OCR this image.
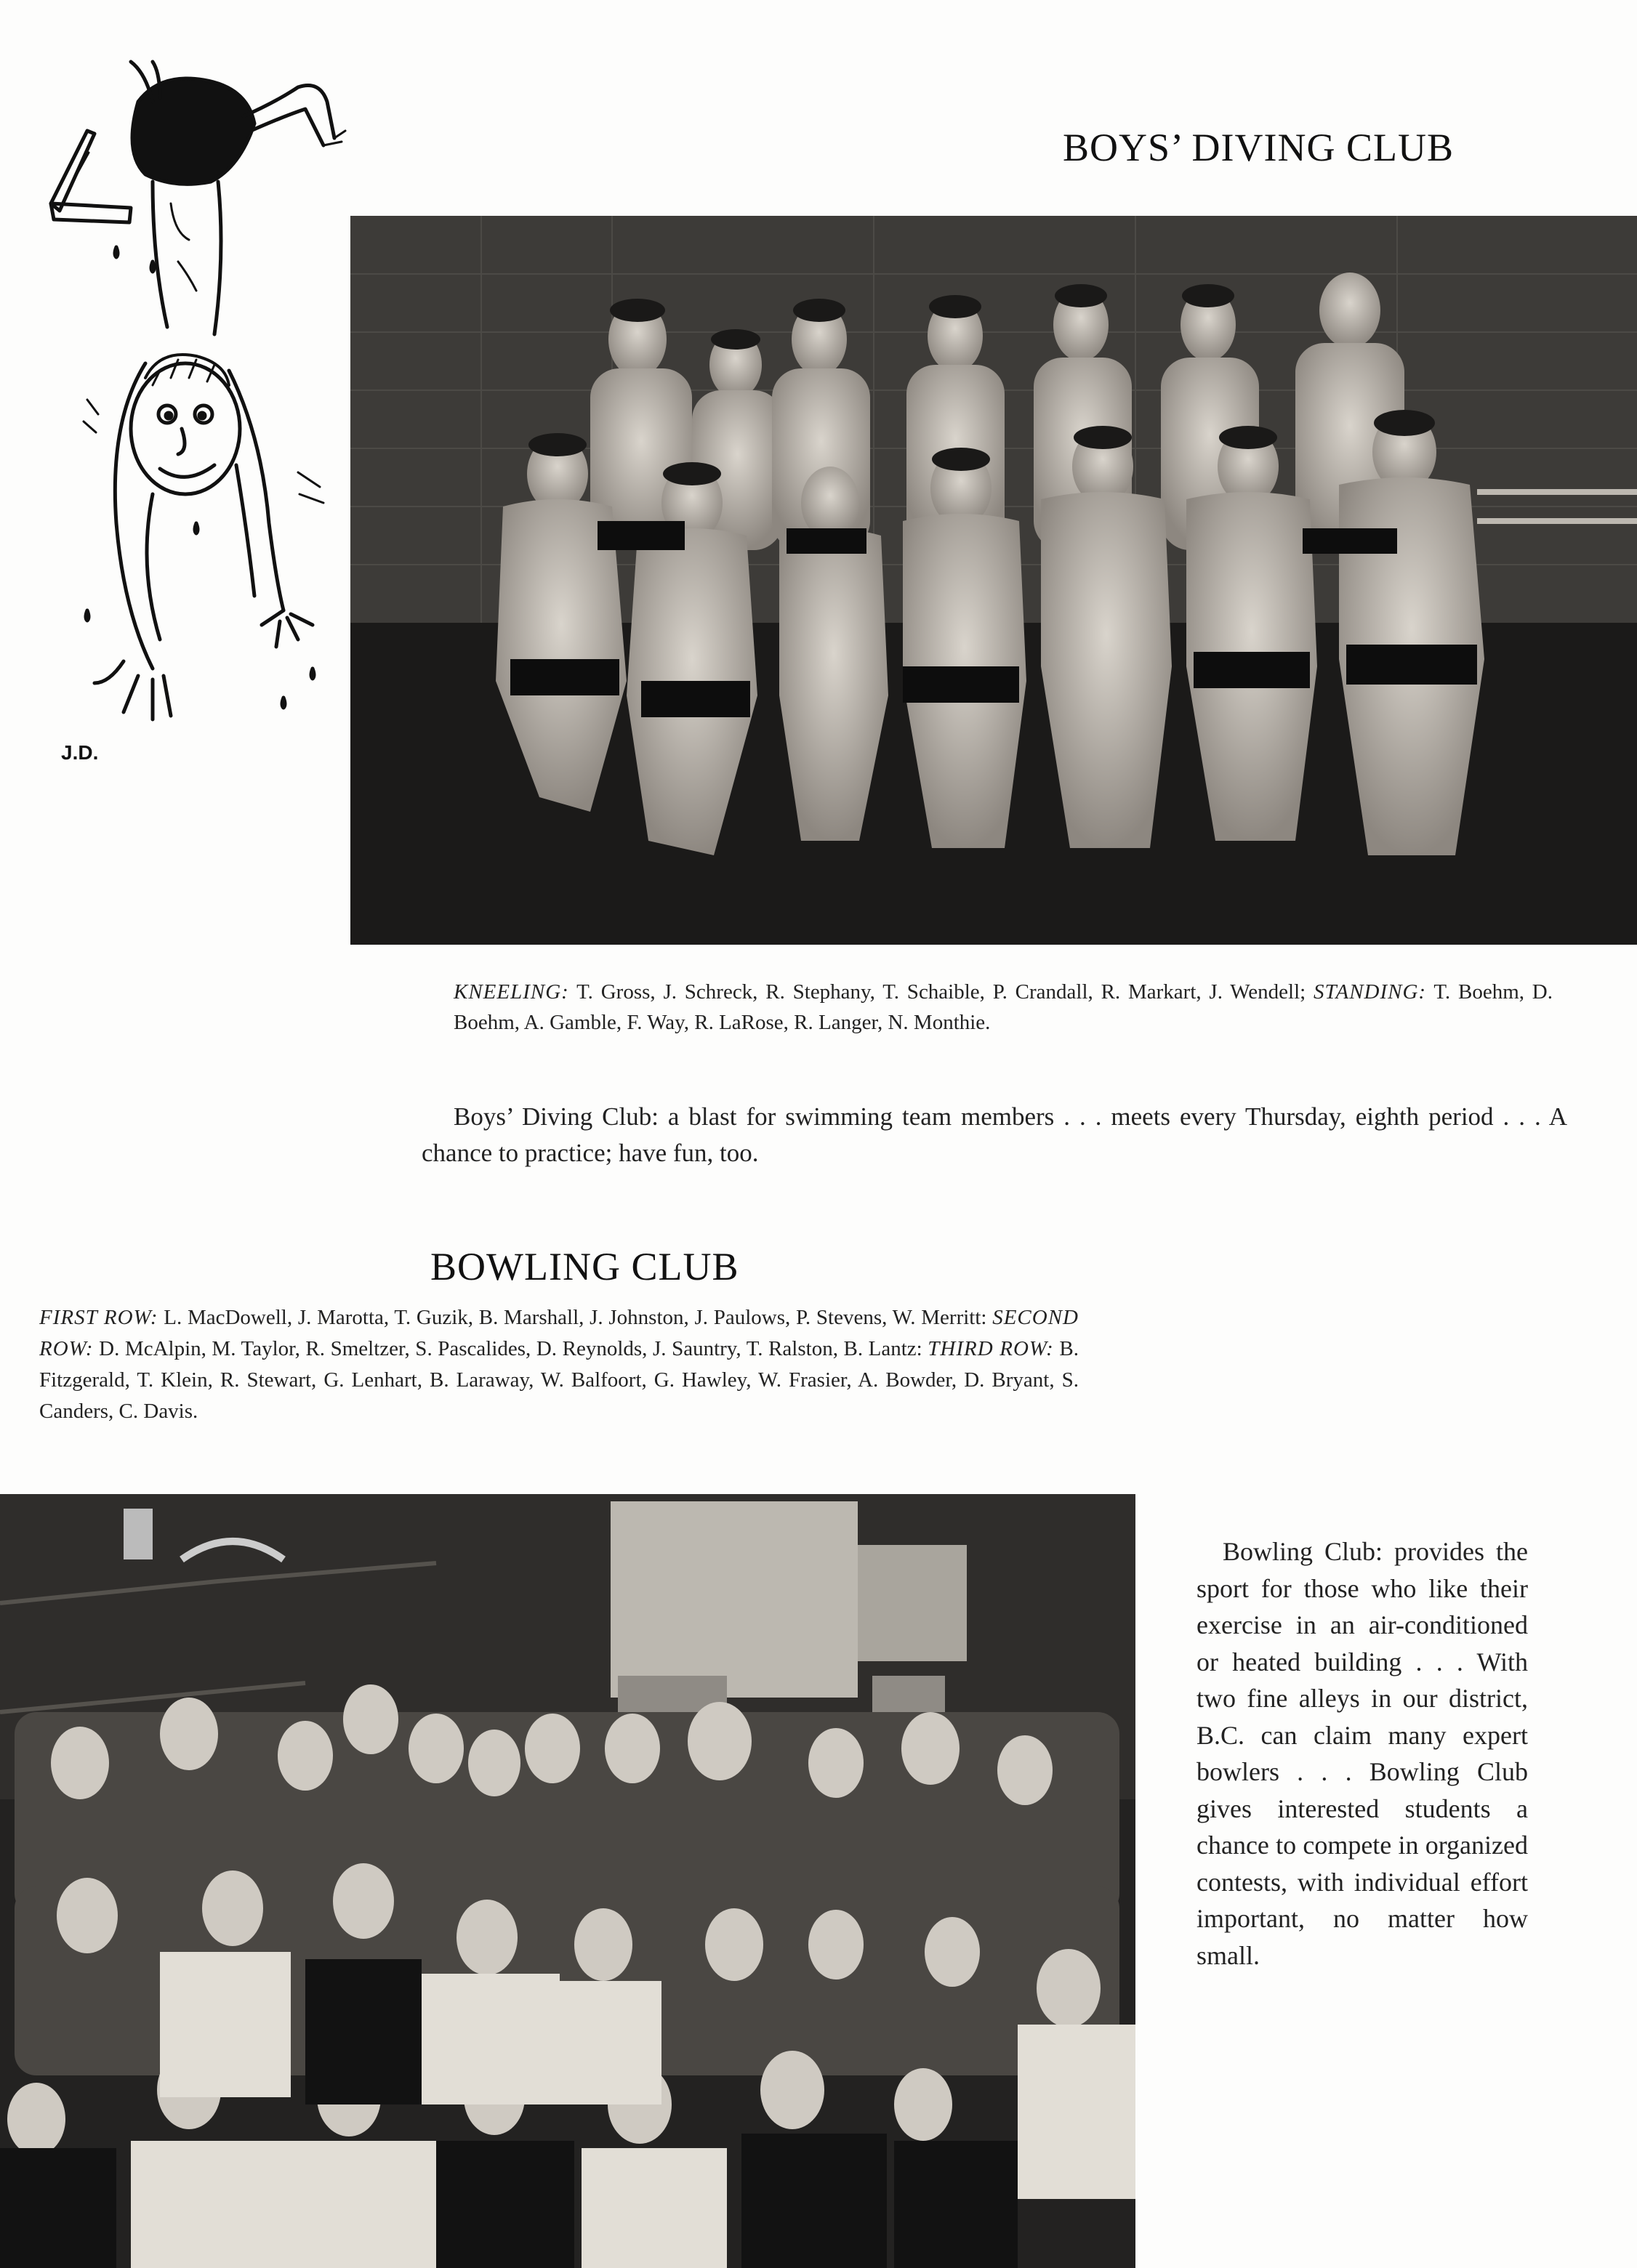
J.D.
BOYS’ DIVING CLUB
KNEELING: T. Gross, J. Schreck, R. Stephany, T. Schaible, P. Crandall, R. Markart, J. Wendell; STANDING: T. Boehm, D. Boehm, A. Gamble, F. Way, R. LaRose, R. Langer, N. Monthie.
Boys’ Diving Club: a blast for swimming team members . . . meets every Thursday, eighth period . . . A chance to practice; have fun, too.
BOWLING CLUB
FIRST ROW: L. MacDowell, J. Marotta, T. Guzik, B. Marshall, J. Johnston, J. Paulows, P. Stevens, W. Merritt: SECOND ROW: D. McAlpin, M. Taylor, R. Smeltzer, S. Pascalides, D. Reynolds, J. Sauntry, T. Ralston, B. Lantz: THIRD ROW: B. Fitzgerald, T. Klein, R. Stewart, G. Lenhart, B. Laraway, W. Balfoort, G. Hawley, W. Frasier, A. Bowder, D. Bryant, S. Canders, C. Davis.
Bowling Club: provides the sport for those who like their exercise in an air-conditioned or heated building . . . With two fine alleys in our district, B.C. can claim many expert bowlers . . . Bowling Club gives interested students a chance to compete in organized contests, with individual effort important, no matter how small.
